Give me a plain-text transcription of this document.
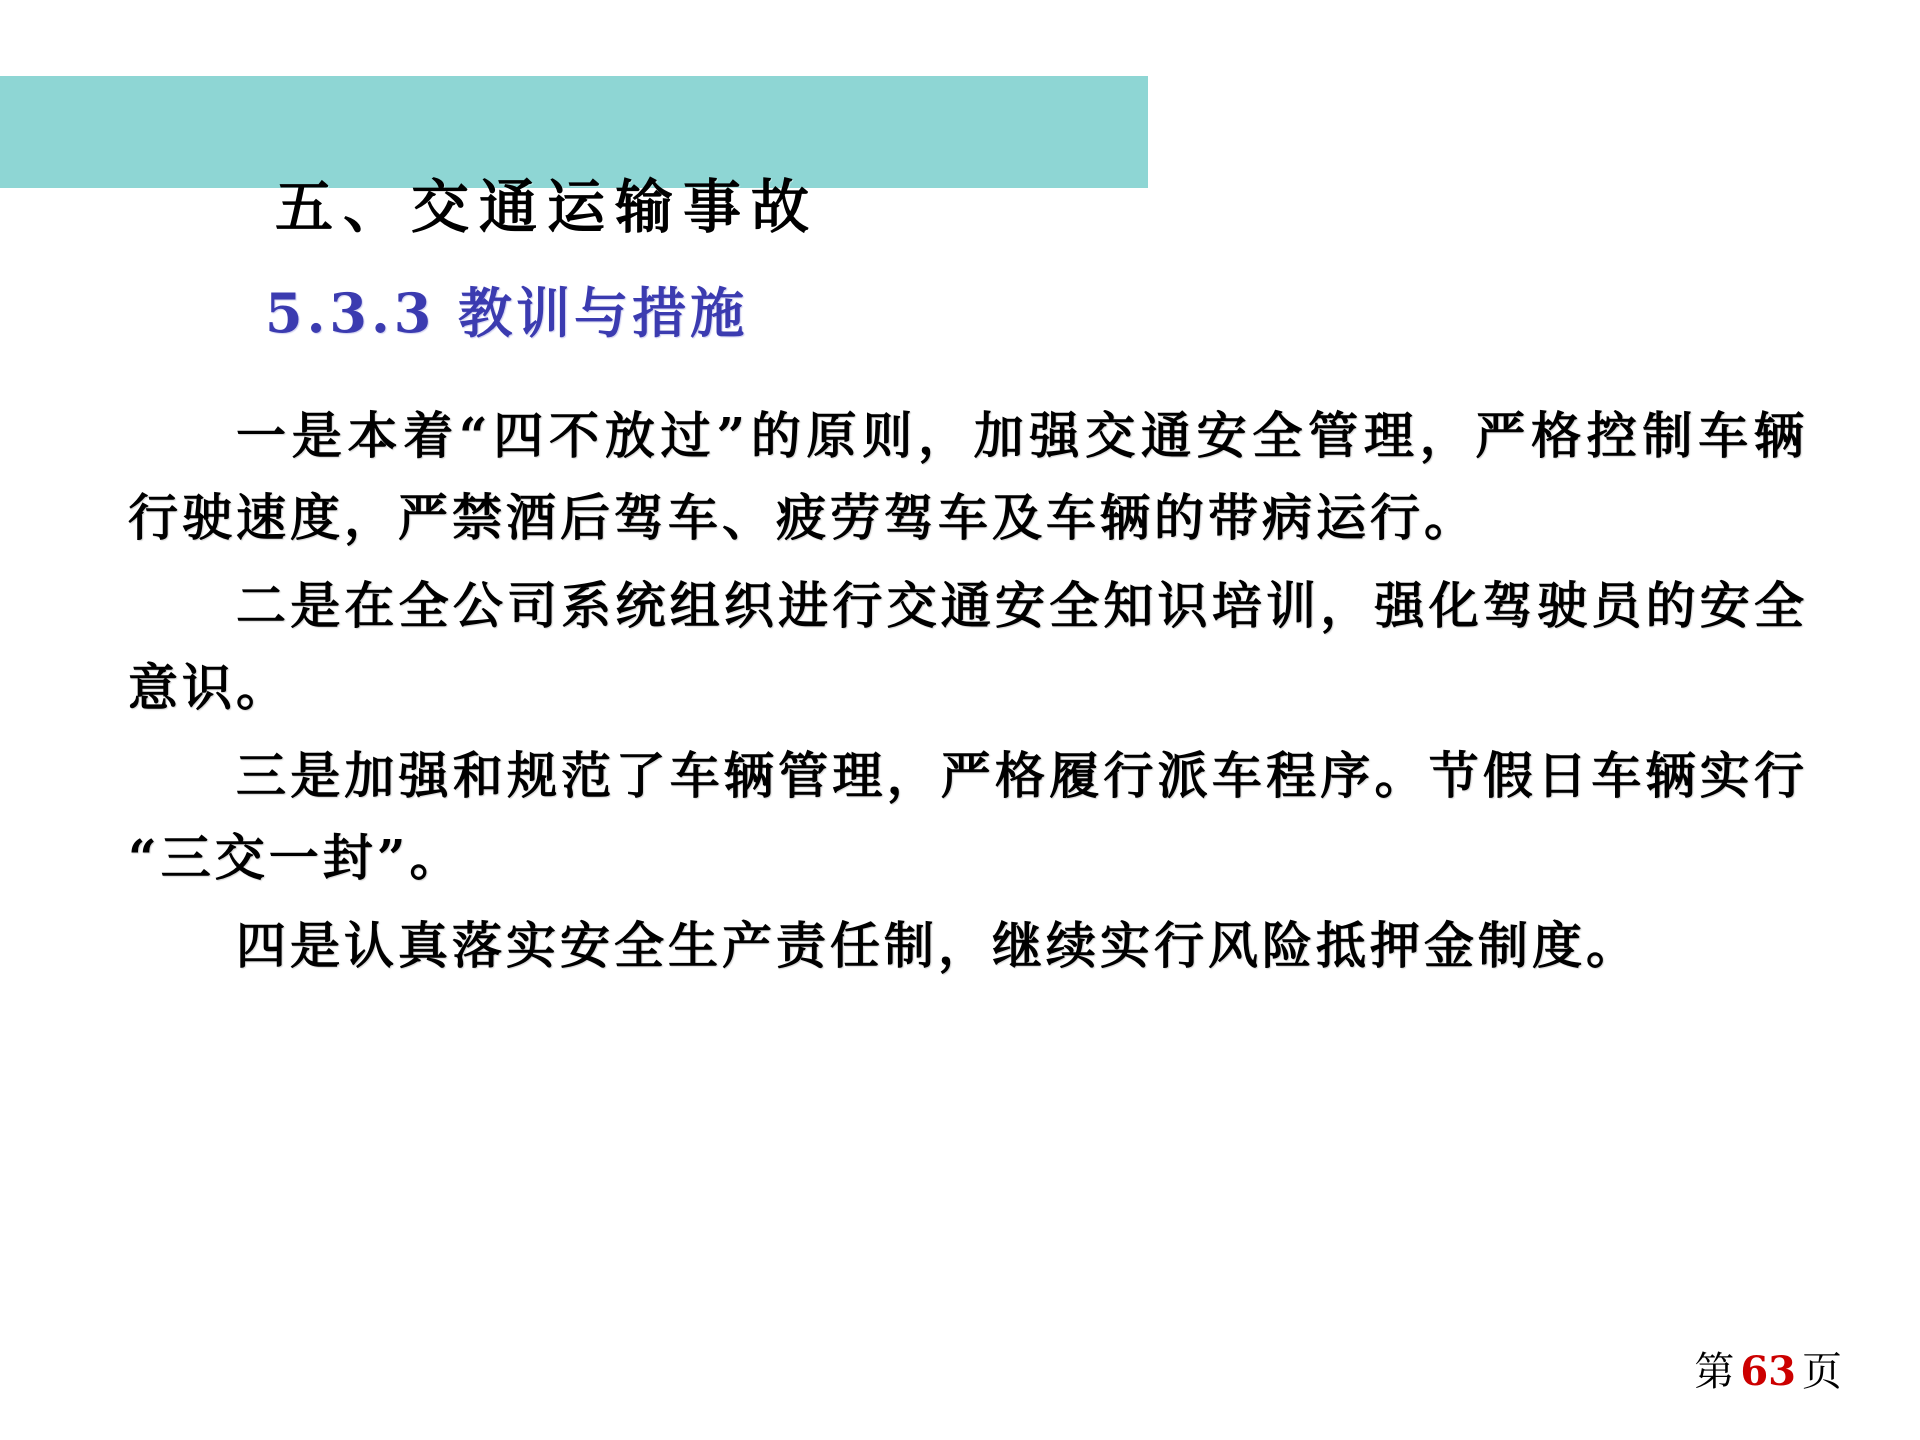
五、交通运输事故
5.3.3 教训与措施

一是本着“四不放过”的原则，加强交通安全管理，严格控制车辆行驶速度，严禁酒后驾车、疲劳驾车及车辆的带病运行。

二是在全公司系统组织进行交通安全知识培训，强化驾驶员的安全意识。

三是加强和规范了车辆管理，严格履行派车程序。节假日车辆实行“三交一封”。

四是认真落实安全生产责任制，继续实行风险抵押金制度。

第 63 页
